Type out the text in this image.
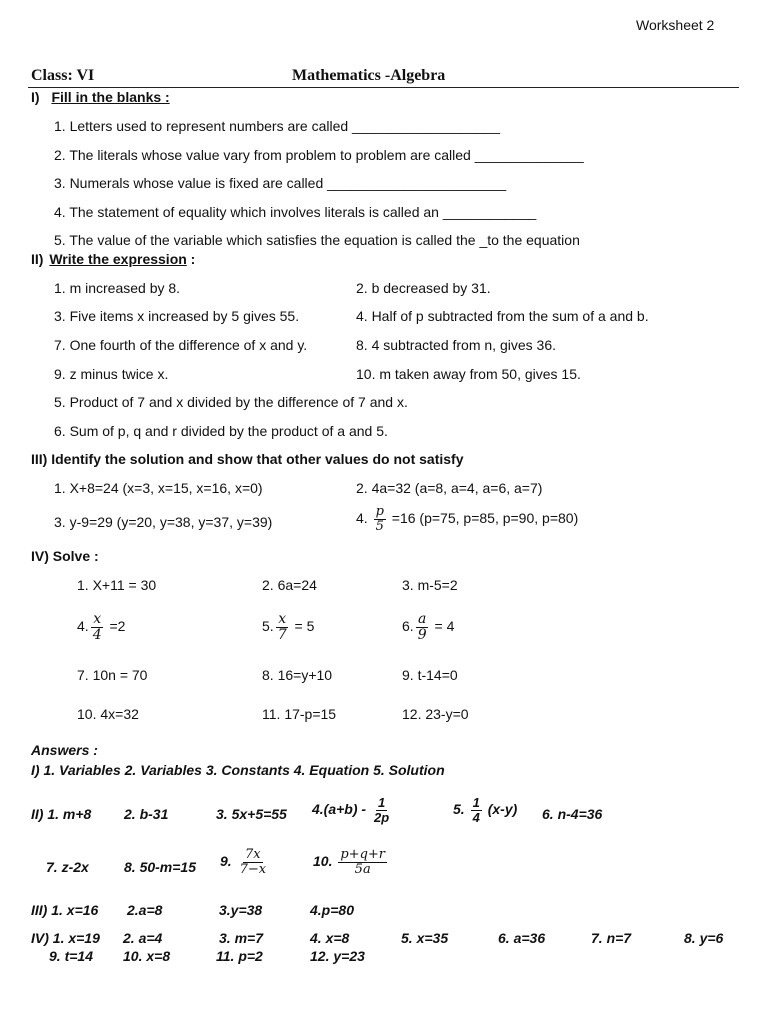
Worksheet 2
Class: VI	Mathematics -Algebra
I) Fill in the blanks :
1. Letters used to represent numbers are called ___________________
2. The literals whose value vary from problem to problem are called ______________
3. Numerals whose value is fixed are called _______________________
4. The statement of equality which involves literals is called an ____________
5. The value of the variable which satisfies the equation is called the _to the equation
II) Write the expression :
1. m increased by 8.	2. b decreased by 31.
3. Five items x increased by 5 gives 55.	4. Half of p subtracted from the sum of a and b.
7. One fourth of the difference of x and y.	8. 4 subtracted from n, gives 36.
9. z minus twice x.	10. m taken away from 50, gives 15.
5. Product of 7 and x divided by the difference of 7 and x.
6. Sum of p, q and r divided by the product of a and 5.
III) Identify the solution and show that other values do not satisfy
1. X+8=24 (x=3, x=15, x=16, x=0)	2. 4a=32 (a=8, a=4, a=6, a=7)
3. y-9=29 (y=20, y=38, y=37, y=39)	4. $\frac{p}{5} =16$ (p=75, p=85, p=90, p=80)
IV) Solve :
1. X+11 = 30	2. 6a=24	3. m-5=2
4. $\frac{x}{4} =2$	5. $\frac{x}{7} = 5$	6. $\frac{a}{9} = 4$
7. 10n = 70	8. 16=y+10	9. t-14=0
10. 4x=32	11. 17-p=15	12. 23-y=0
Answers :
I) 1. Variables 2. Variables 3. Constants 4. Equation 5. Solution
II) 1. m+8 2. b-31	3. 5x+5=55 $4.(a+b) - \frac{1}{2p}$	5. $\frac{1}{4} (x-y)$ 6. n-4=36
7. z-2x	8. 50-m=15 9. $\frac{7x}{7-x}$	10. $\frac{p+q+r}{5a}$
III) 1. x=16 2.a=8	3.y=38	4.p=80
IV) 1. x=19 2. a=4	3. m=7	4. x=8	5. x=35	6. a=36	7. n=7	8. y=6
9. t=14 10. x=8	11. p=2	12. y=23
